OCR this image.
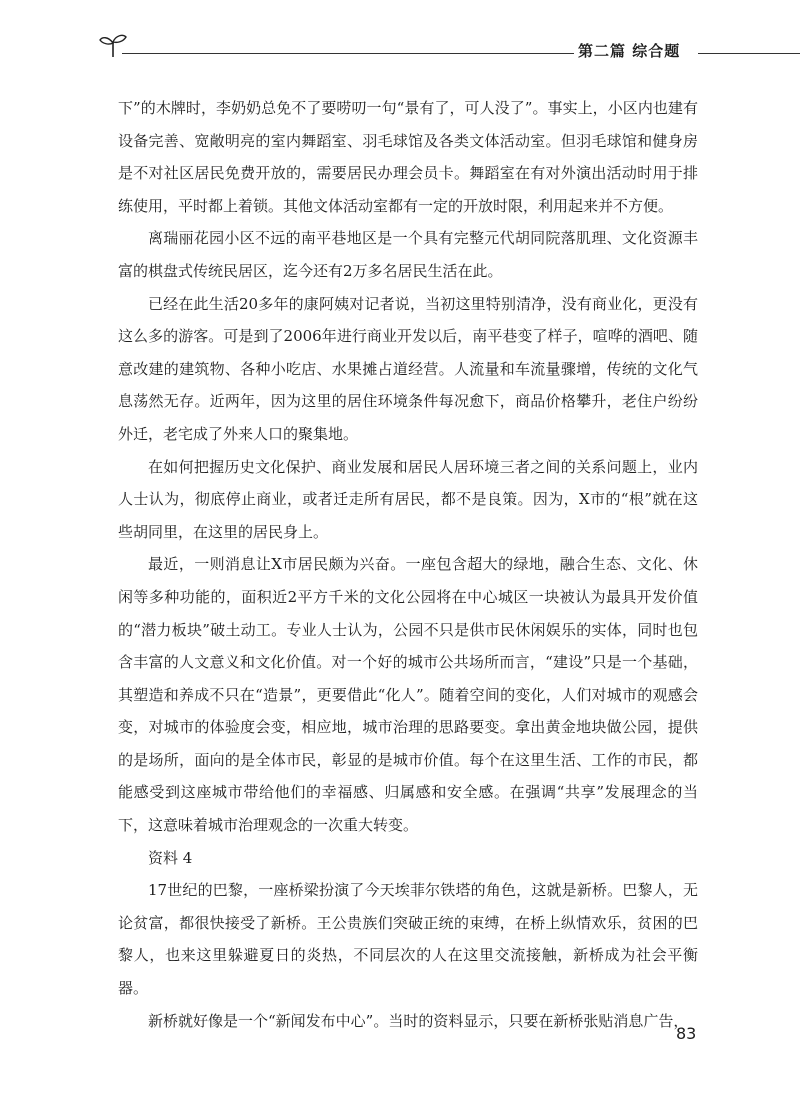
第二篇 综合题

下”的木牌时，李奶奶总免不了要唠叨一句“景有了，可人没了”。事实上，小区内也建有设备完善、宽敞明亮的室内舞蹈室、羽毛球馆及各类文体活动室。但羽毛球馆和健身房是不对社区居民免费开放的，需要居民办理会员卡。舞蹈室在有对外演出活动时用于排练使用，平时都上着锁。其他文体活动室都有一定的开放时限，利用起来并不方便。

离瑞丽花园小区不远的南平巷地区是一个具有完整元代胡同院落肌理、文化资源丰富的棋盘式传统民居区，迄今还有2万多名居民生活在此。

已经在此生活20多年的康阿姨对记者说，当初这里特别清净，没有商业化，更没有这么多的游客。可是到了2006年进行商业开发以后，南平巷变了样子，喧哗的酒吧、随意改建的建筑物、各种小吃店、水果摊占道经营。人流量和车流量骤增，传统的文化气息荡然无存。近两年，因为这里的居住环境条件每况愈下，商品价格攀升，老住户纷纷外迁，老宅成了外来人口的聚集地。

在如何把握历史文化保护、商业发展和居民人居环境三者之间的关系问题上，业内人士认为，彻底停止商业，或者迁走所有居民，都不是良策。因为，X市的“根”就在这些胡同里，在这里的居民身上。

最近，一则消息让X市居民颇为兴奋。一座包含超大的绿地，融合生态、文化、休闲等多种功能的，面积近2平方千米的文化公园将在中心城区一块被认为最具开发价值的“潜力板块”破土动工。专业人士认为，公园不只是供市民休闲娱乐的实体，同时也包含丰富的人文意义和文化价值。对一个好的城市公共场所而言，“建设”只是一个基础，其塑造和养成不只在“造景”，更要借此“化人”。随着空间的变化，人们对城市的观感会变，对城市的体验度会变，相应地，城市治理的思路要变。拿出黄金地块做公园，提供的是场所，面向的是全体市民，彰显的是城市价值。每个在这里生活、工作的市民，都能感受到这座城市带给他们的幸福感、归属感和安全感。在强调“共享”发展理念的当下，这意味着城市治理观念的一次重大转变。

资料 4

17世纪的巴黎，一座桥梁扮演了今天埃菲尔铁塔的角色，这就是新桥。巴黎人，无论贫富，都很快接受了新桥。王公贵族们突破正统的束缚，在桥上纵情欢乐，贫困的巴黎人，也来这里躲避夏日的炎热，不同层次的人在这里交流接触，新桥成为社会平衡器。

新桥就好像是一个“新闻发布中心”。当时的资料显示，只要在新桥张贴消息广告，

83
